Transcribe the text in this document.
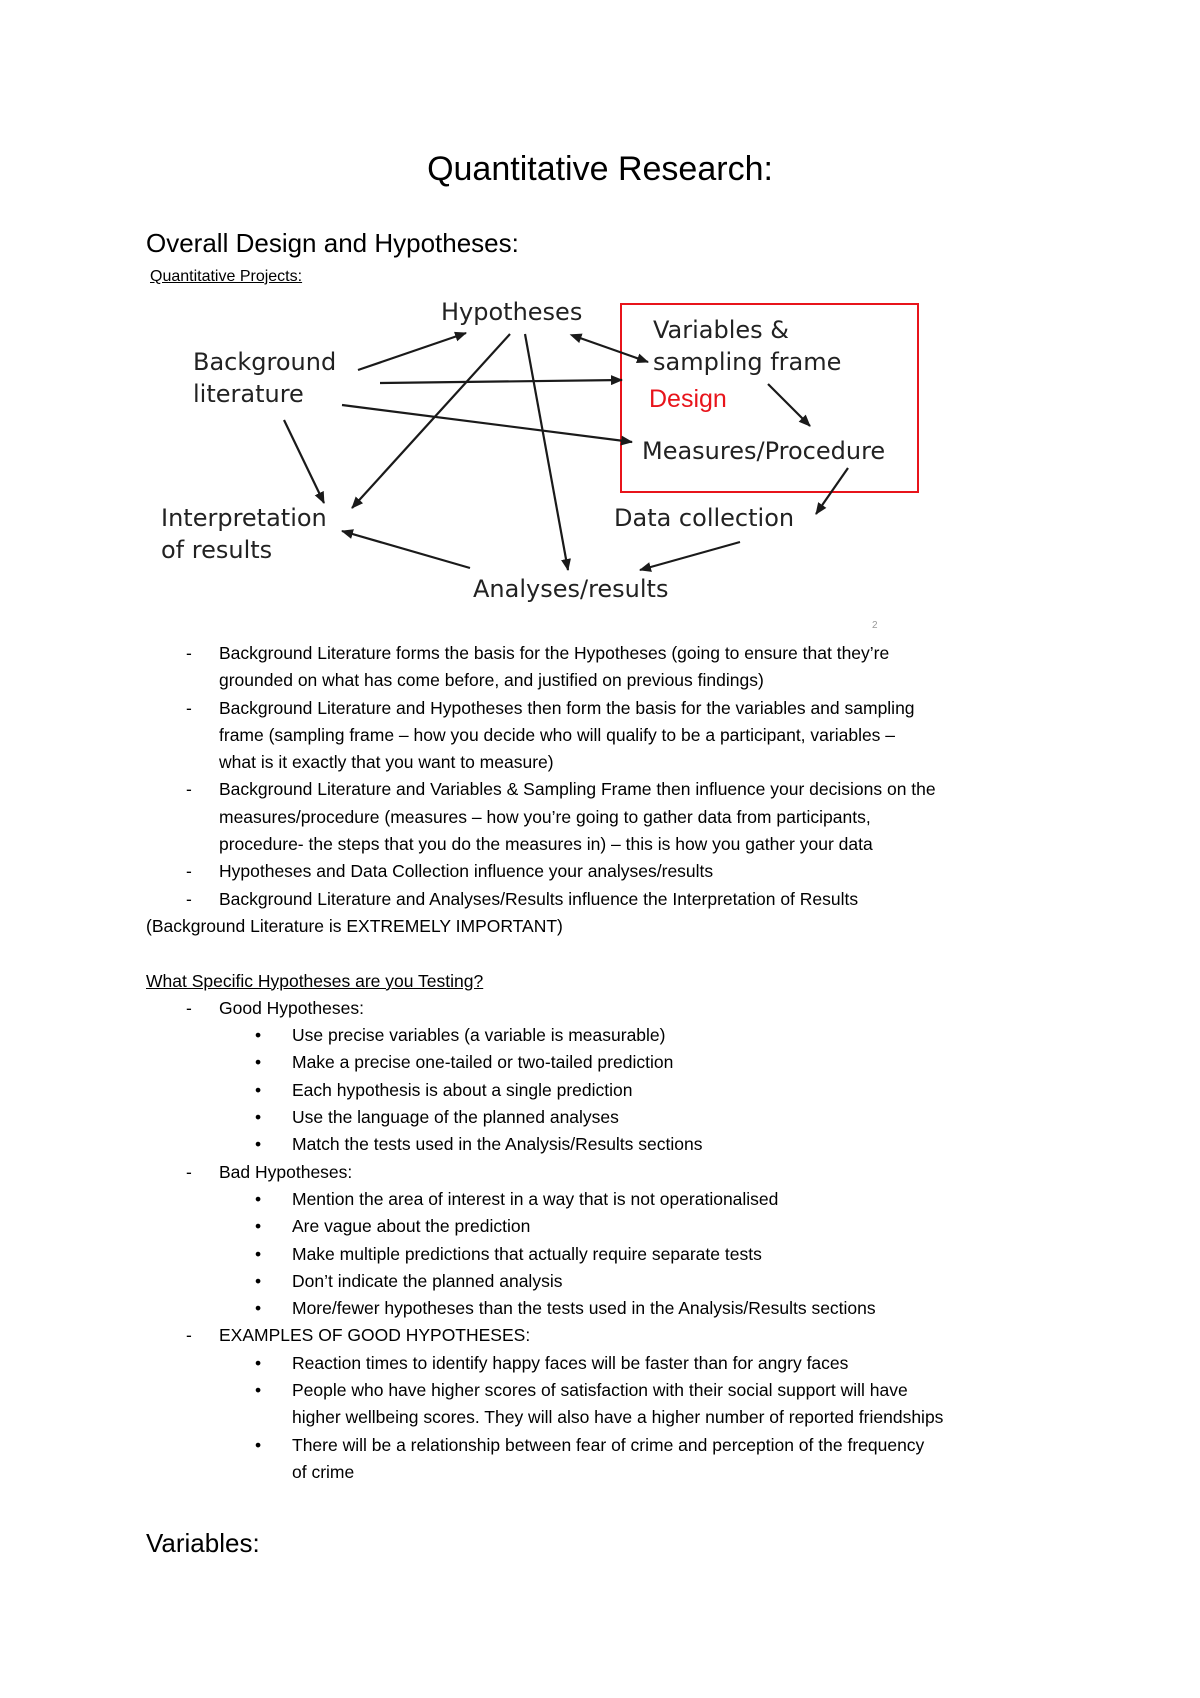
Quantitative Research:
Overall Design and Hypotheses:
Quantitative Projects:
Hypotheses
Background
literature
Variables &
sampling frame
Design
Measures/Procedure
Interpretation
of results
Data collection
Analyses/results
2
- Background Literature forms the basis for the Hypotheses (going to ensure that they’re
grounded on what has come before, and justified on previous findings)
- Background Literature and Hypotheses then form the basis for the variables and sampling
frame (sampling frame – how you decide who will qualify to be a participant, variables –
what is it exactly that you want to measure)
- Background Literature and Variables & Sampling Frame then influence your decisions on the
measures/procedure (measures – how you’re going to gather data from participants,
procedure- the steps that you do the measures in) – this is how you gather your data
- Hypotheses and Data Collection influence your analyses/results
- Background Literature and Analyses/Results influence the Interpretation of Results
(Background Literature is EXTREMELY IMPORTANT)
What Specific Hypotheses are you Testing?
- Good Hypotheses:
• Use precise variables (a variable is measurable)
• Make a precise one-tailed or two-tailed prediction
• Each hypothesis is about a single prediction
• Use the language of the planned analyses
• Match the tests used in the Analysis/Results sections
- Bad Hypotheses:
• Mention the area of interest in a way that is not operationalised
• Are vague about the prediction
• Make multiple predictions that actually require separate tests
• Don’t indicate the planned analysis
• More/fewer hypotheses than the tests used in the Analysis/Results sections
- EXAMPLES OF GOOD HYPOTHESES:
• Reaction times to identify happy faces will be faster than for angry faces
• People who have higher scores of satisfaction with their social support will have
higher wellbeing scores. They will also have a higher number of reported friendships
• There will be a relationship between fear of crime and perception of the frequency
of crime
Variables:
